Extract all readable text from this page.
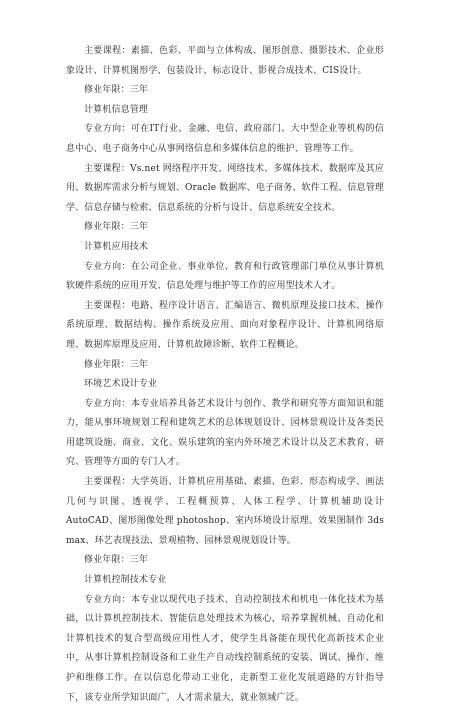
主要课程：素描、色彩、平面与立体构成、图形创意、摄影技术、企业形象设计、计算机图形学、包装设计、标志设计、影视合成技术、CIS设计。

修业年限：三年

计算机信息管理

专业方向：可在IT行业、金融、电信、政府部门、大中型企业等机构的信息中心、电子商务中心从事网络信息和多媒体信息的维护、管理等工作。

主要课程：Vs.net 网络程序开发、网络技术、多媒体技术、数据库及其应用、数据库需求分析与规划、Oracle 数据库、电子商务、软件工程、信息管理学、信息存储与检索、信息系统的分析与设计、信息系统安全技术。

修业年限：三年

计算机应用技术

专业方向：在公司企业、事业单位、教育和行政管理部门单位从事计算机软硬件系统的应用开发、信息处理与维护等工作的应用型技术人才。

主要课程：电路、程序设计语言、汇编语言、微机原理及接口技术、操作系统原理、数据结构、操作系统及应用、面向对象程序设计、计算机网络原理、数据库原理及应用、计算机故障诊断、软件工程概论。

修业年限：三年

环境艺术设计专业

专业方向：本专业培养具备艺术设计与创作、教学和研究等方面知识和能力，能从事环境规划工程和建筑艺术的总体规划设计、园林景观设计及各类民用建筑设施、商业、文化、娱乐建筑的室内外环境艺术设计以及艺术教育、研究、管理等方面的专门人才。

主要课程：大学英语、计算机应用基础、素描、色彩、形态构成学、画法几何与识图、透视学、工程概预算、人体工程学、计算机辅助设计 AutoCAD、图形图像处理 photoshop、室内环境设计原理、效果图制作 3ds max、环艺表现技法、景观植物、园林景观规划设计等。

修业年限：三年

计算机控制技术专业

专业方向：本专业以现代电子技术、自动控制技术和机电一体化技术为基础，以计算机控制技术、智能信息处理技术为核心，培养掌握机械、自动化和计算机技术的复合型高级应用性人才，使学生具备能在现代化高新技术企业中，从事计算机控制设备和工业生产自动线控制系统的安装、调试、操作、维护和维修工作。在以信息化带动工业化，走新型工业化发展道路的方针指导下，该专业所学知识面广，人才需求量大，就业领域广泛。
